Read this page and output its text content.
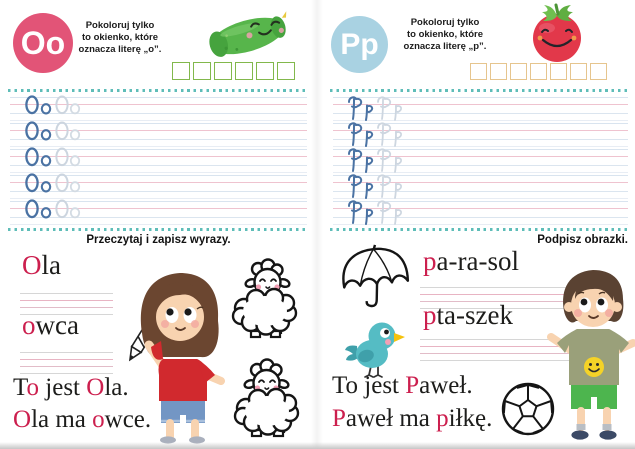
Oo	Pokoloruj tylko
to okienko, które
oznacza literę „o”.
Przeczytaj i zapisz wyrazy.
Ola
owca
To jest Ola.
Ola ma owce.
Pp
Pokoloruj tylko
to okienko, które
oznacza literę „p”.
Podpisz obrazki.
pa-ra-sol
pta-szek
To jest Paweł.
Paweł ma piłkę.
